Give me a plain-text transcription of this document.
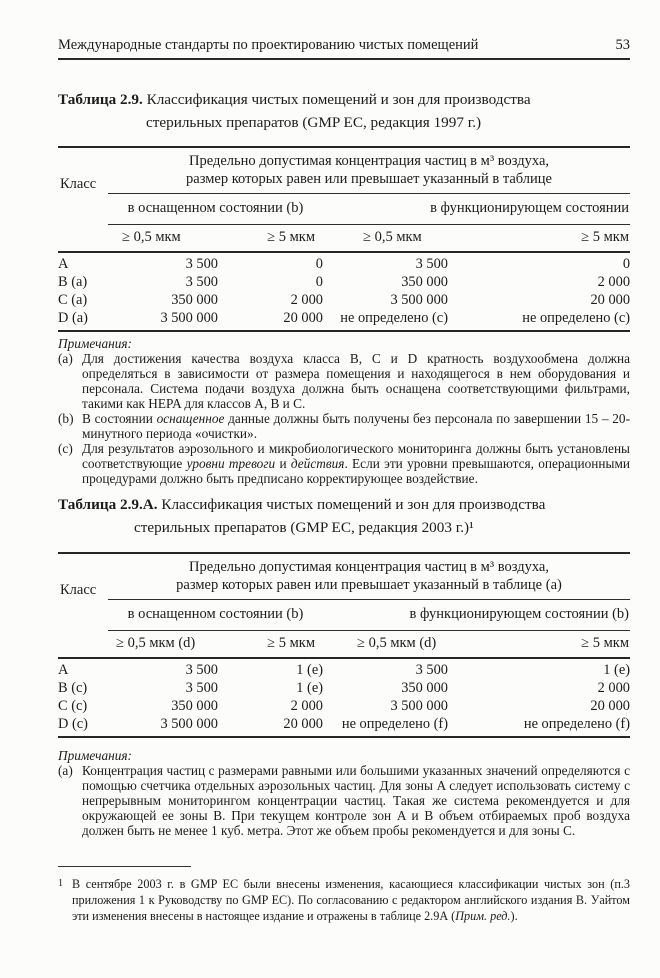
Международные стандарты по проектированию чистых помещений	53
Таблица 2.9. Классификация чистых помещений и зон для производства
стерильных препаратов (GMP ЕС, редакция 1997 г.)
Класс	Предельно допустимая концентрация частиц в м³ воздуха,
размер которых равен или превышает указанный в таблице			

	в оснащенном состоянии (b)		в функционирующем состоянии	
	≥ 0,5 мкм	≥ 5 мкм	≥ 0,5 мкм	≥ 5 мкм
A	3 500	0	3 500	0
B (a)	3 500	0	350 000	2 000
C (a)	350 000	2 000	3 500 000	20 000
D (a)	3 500 000	20 000	не определено (c)	не определено (c)
Примечания:
(a) Для достижения качества воздуха класса B, C и D кратность воздухообмена должна определяться в зависимости от размера помещения и находящегося в нем оборудования и персонала. Система подачи воздуха должна быть оснащена соответствующими фильтрами, такими как HEPA для классов A, B и C.
(b) В состоянии оснащенное данные должны быть получены без персонала по завершении 15 – 20-минутного периода «очистки».
(c) Для результатов аэрозольного и микробиологического мониторинга должны быть установлены соответствующие уровни тревоги и действия. Если эти уровни превышаются, операционными процедурами должно быть предписано корректирующее воздействие.
Таблица 2.9.А. Классификация чистых помещений и зон для производства
стерильных препаратов (GMP ЕС, редакция 2003 г.)¹
Класс	Предельно допустимая концентрация частиц в м³ воздуха,
размер которых равен или превышает указанный в таблице (a)			

	в оснащенном состоянии (b)		в функционирующем состоянии (b)	
	≥ 0,5 мкм (d)	≥ 5 мкм	≥ 0,5 мкм (d)	≥ 5 мкм
A	3 500	1 (e)	3 500	1 (e)
B (c)	3 500	1 (e)	350 000	2 000
C (c)	350 000	2 000	3 500 000	20 000
D (c)	3 500 000	20 000	не определено (f)	не определено (f)
Примечания:
(a) Концентрация частиц с размерами равными или большими указанных значений определяются с помощью счетчика отдельных аэрозольных частиц. Для зоны A следует использовать систему с непрерывным мониторингом концентрации частиц. Такая же система рекомендуется и для окружающей ее зоны B. При текущем контроле зон A и B объем отбираемых проб воздуха должен быть не менее 1 куб. метра. Этот же объем пробы рекомендуется и для зоны C.
$^1$ В сентябре 2003 г. в GMP ЕС были внесены изменения, касающиеся классификации чистых зон (п.3 приложения 1 к Руководству по GMP ЕС). По согласованию с редактором английского издания В. Уайтом эти изменения внесены в настоящее издание и отражены в таблице 2.9А (Прим. ред.).
